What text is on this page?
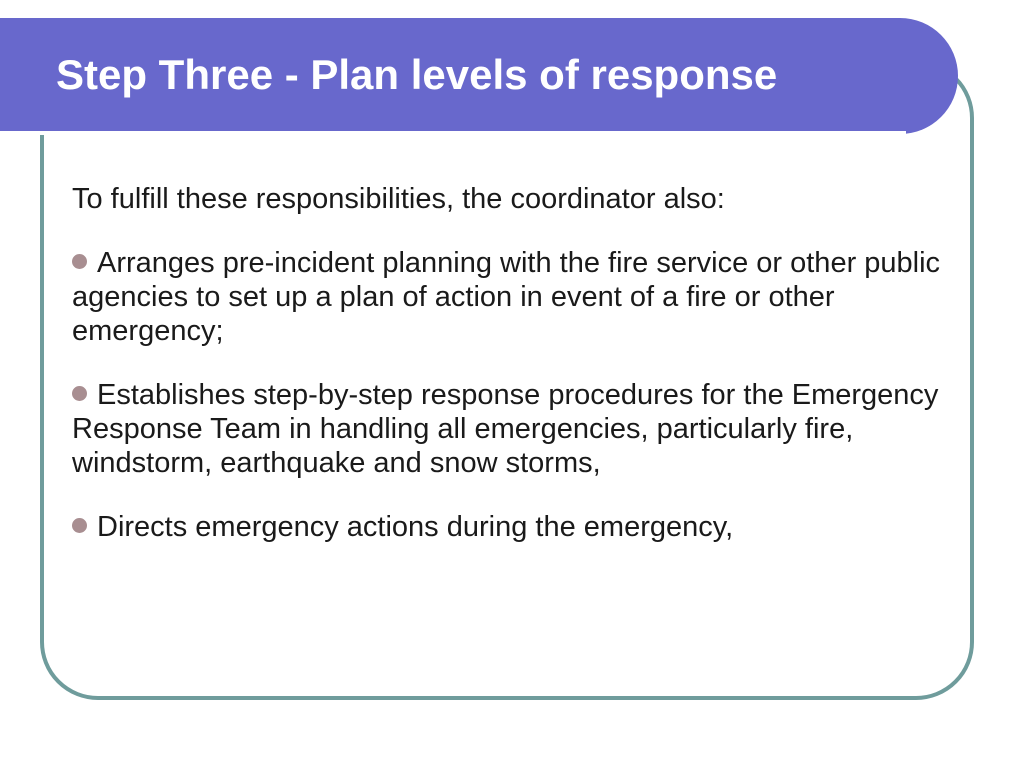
Step Three - Plan levels of response

To fulfill these responsibilities, the coordinator also:

Arranges pre-incident planning with the fire service or other public agencies to set up a plan of action in event of a fire or other emergency;

Establishes step-by-step response procedures for the Emergency Response Team in handling all emergencies, particularly fire, windstorm, earthquake and snow storms,

Directs emergency actions during the emergency,
